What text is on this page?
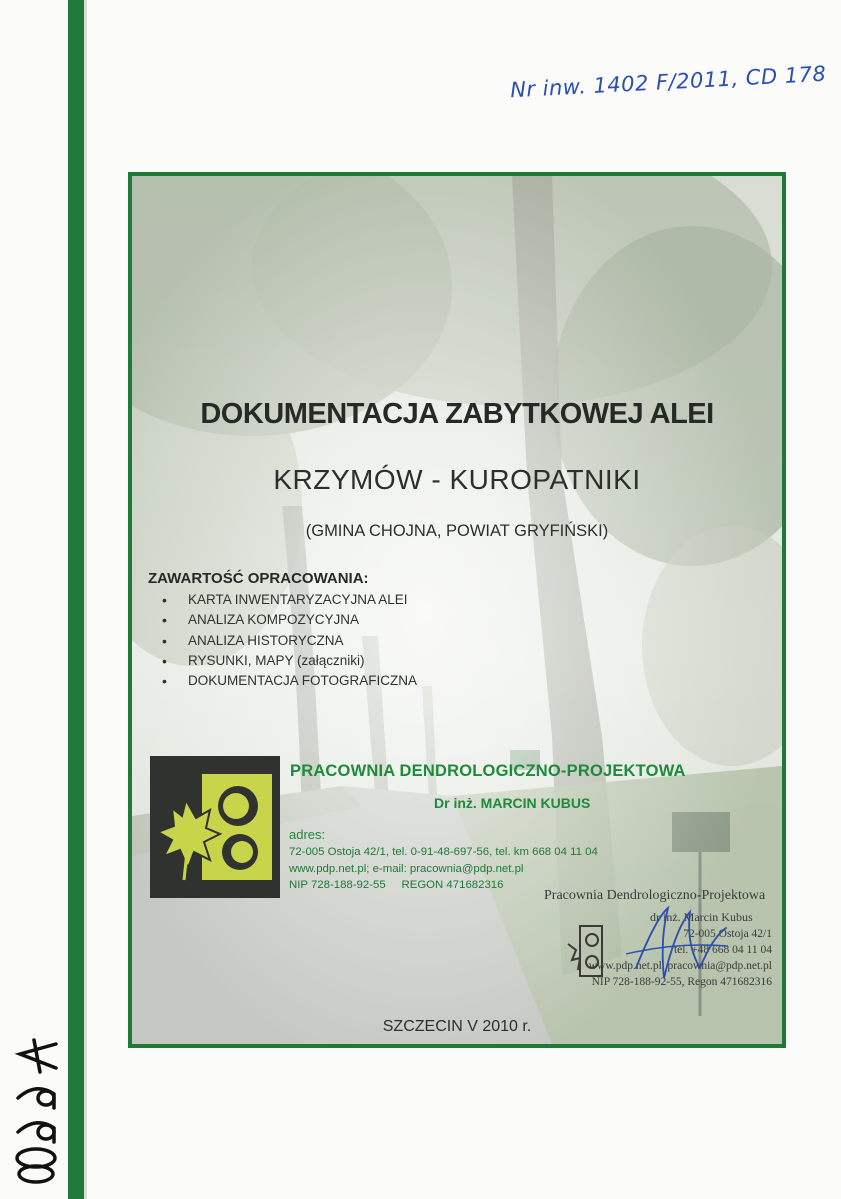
Nr inw. 1402 F/2011, CD 178
DOKUMENTACJA ZABYTKOWEJ ALEI
KRZYMÓW - KUROPATNIKI
(GMINA CHOJNA, POWIAT GRYFIŃSKI)
ZAWARTOŚĆ OPRACOWANIA:
• KARTA INWENTARYZACYJNA ALEI
• ANALIZA KOMPOZYCYJNA
• ANALIZA HISTORYCZNA
• RYSUNKI, MAPY (załączniki)
• DOKUMENTACJA FOTOGRAFICZNA
PRACOWNIA DENDROLOGICZNO-PROJEKTOWA
Dr inż. MARCIN KUBUS
adres:
72-005 Ostoja 42/1, tel. 0-91-48-697-56, tel. km 668 04 11 04
www.pdp.net.pl; e-mail: pracownia@pdp.net.pl
NIP 728-188-92-55     REGON 471682316
Pracownia Dendrologiczno-Projektowa
dr inż. Marcin Kubus
72-005 Ostoja 42/1
tel. +48 668 04 11 04
www.pdp.net.pl, pracownia@pdp.net.pl
NIP 728-188-92-55, Regon 471682316
SZCZECIN V 2010 r.
